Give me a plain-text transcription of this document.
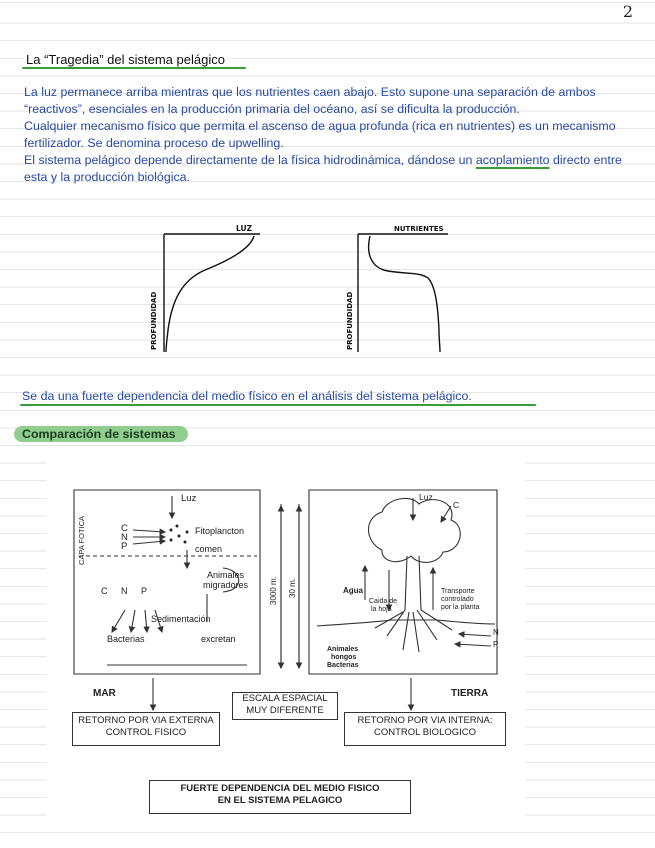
2
La “Tragedia” del sistema pelágico

La luz permanece arriba mientras que los nutrientes caen abajo. Esto supone una separación de ambos “reactivos”, esenciales en la producción primaria del océano, así se dificulta la producción.

Cualquier mecanismo físico que permita el ascenso de agua profunda (rica en nutrientes) es un mecanismo fertilizador. Se denomina proceso de upwelling.

El sistema pelágico depende directamente de la física hidrodinámica, dándose un acoplamiento directo entre esta y la producción biológica.

LUZ
PROFUNDIDAD
NUTRIENTES
PROFUNDIDAD
Se da una fuerte dependencia del medio físico en el análisis del sistema pelágico.
Comparación de sistemas
Luz
CAPA FOTICA	C
N
P
Fitoplancton
comen
Animales
migradores
C N P
Sedimentación
Bacterias	excretan
3000 m. 30 m.
Luz
C
Agua
Caida de
la hoja
Transporte
controlado
por la planta
N
P
Animales
hongos
Bacterias
MAR	TIERRA
ESCALA ESPACIAL
MUY DIFERENTE
RETORNO POR VIA EXTERNA
CONTROL FISICO
RETORNO POR VIA INTERNA:
CONTROL BIOLOGICO
FUERTE DEPENDENCIA DEL MEDIO FISICO
EN EL SISTEMA PELAGICO
